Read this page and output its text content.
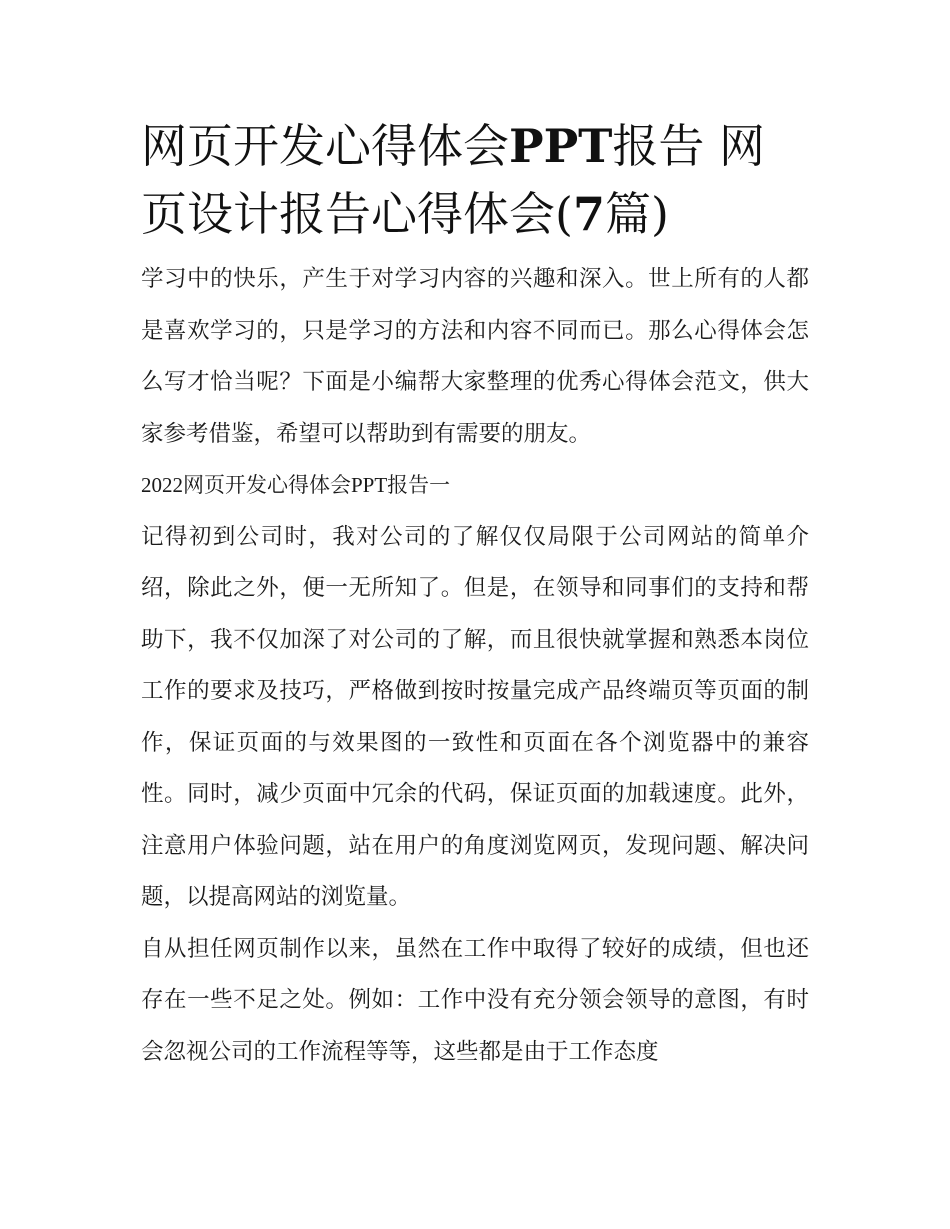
网页开发心得体会PPT报告 网页设计报告心得体会(7篇)

学习中的快乐，产生于对学习内容的兴趣和深入。世上所有的人都是喜欢学习的，只是学习的方法和内容不同而已。那么心得体会怎么写才恰当呢？下面是小编帮大家整理的优秀心得体会范文，供大家参考借鉴，希望可以帮助到有需要的朋友。

2022网页开发心得体会PPT报告一

记得初到公司时，我对公司的了解仅仅局限于公司网站的简单介绍，除此之外，便一无所知了。但是，在领导和同事们的支持和帮助下，我不仅加深了对公司的了解，而且很快就掌握和熟悉本岗位工作的要求及技巧，严格做到按时按量完成产品终端页等页面的制作，保证页面的与效果图的一致性和页面在各个浏览器中的兼容性。同时，减少页面中冗余的代码，保证页面的加载速度。此外，注意用户体验问题，站在用户的角度浏览网页，发现问题、解决问题，以提高网站的浏览量。

自从担任网页制作以来，虽然在工作中取得了较好的成绩，但也还存在一些不足之处。例如：工作中没有充分领会领导的意图，有时会忽视公司的工作流程等等，这些都是由于工作态度
